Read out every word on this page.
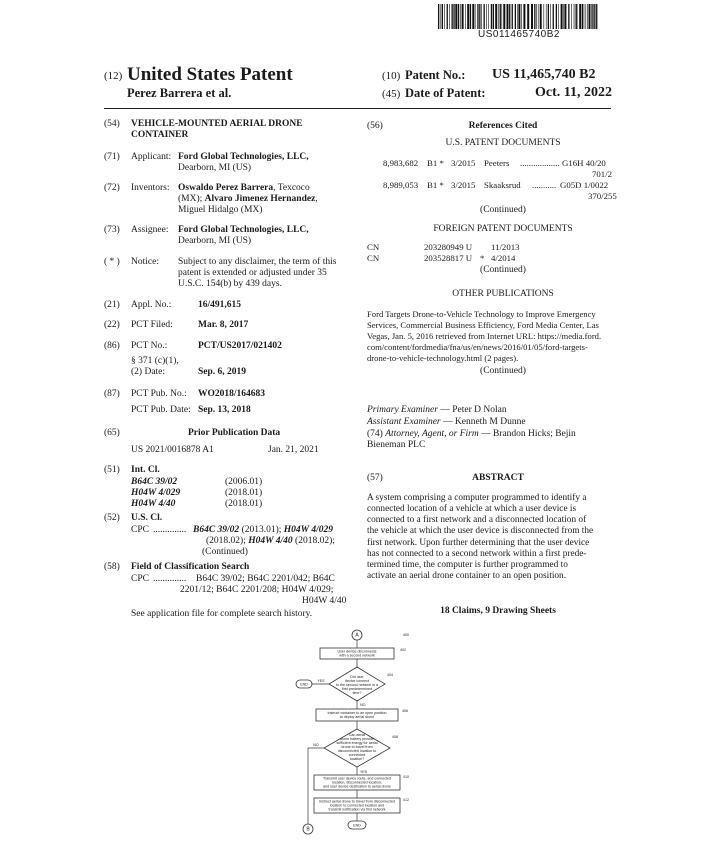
US011465740B2
(12) United States Patent
Perez Barrera et al.
(10) Patent No.: US 11,465,740 B2
(45) Date of Patent:	Oct. 11, 2022
(54) VEHICLE-MOUNTED AERIAL DRONE
CONTAINER
(71) Applicant: Ford Global Technologies, LLC,
Dearborn, MI (US)
(72) Inventors: Oswaldo Perez Barrera, Texcoco
(MX); Alvaro Jimenez Hernandez,
Miguel Hidalgo (MX)
(73) Assignee: Ford Global Technologies, LLC,
Dearborn, MI (US)
( * ) Notice: Subject to any disclaimer, the term of this
patent is extended or adjusted under 35
U.S.C. 154(b) by 439 days.
(21) Appl. No.:	16/491,615
(22) PCT Filed:	Mar. 8, 2017
(86) PCT No.:	PCT/US2017/021402
§ 371 (c)(1),
(2) Date:	Sep. 6, 2019
(87) PCT Pub. No.: WO2018/164683
PCT Pub. Date: Sep. 13, 2018
(65)	Prior Publication Data
US 2021/0016878 A1	Jan. 21, 2021
(51) Int. Cl.
B64C 39/02	(2006.01)
H04W 4/029	(2018.01)
H04W 4/40	(2018.01)
(52) U.S. Cl.
CPC .............. B64C 39/02 (2013.01); H04W 4/029
(2018.02); H04W 4/40 (2018.02);
(Continued)
(58) Field of Classification Search
CPC .............. B64C 39/02; B64C 2201/042; B64C
2201/12; B64C 2201/208; H04W 4/029;
H04W 4/40
See application file for complete search history.
(56)	References Cited
U.S. PATENT DOCUMENTS
8,983,682 B1 * 3/2015 Peeters .................. G16H 40/20
701/2
8,989,053 B1 * 3/2015 Skaaksrud ........... G05D 1/0022
370/255
(Continued)
FOREIGN PATENT DOCUMENTS
CN	203280949 U 11/2013
CN	203528817 U * 4/2014
(Continued)
OTHER PUBLICATIONS
Ford Targets Drone-to-Vehicle Technology to Improve Emergency
Services, Commercial Business Efficiency, Ford Media Center, Las
Vegas, Jan. 5, 2016 retrieved from Internet URL: https://media.ford.
com/content/fordmedia/fna/us/en/news/2016/01/05/ford-targets-
drone-to-vehicle-technology.html (2 pages).
(Continued)
Primary Examiner — Peter D Nolan
Assistant Examiner — Kenneth M Dunne
(74) Attorney, Agent, or Firm — Brandon Hicks; Bejin
Bieneman PLC
(57)	ABSTRACT
A system comprising a computer programmed to identify a
connected location of a vehicle at which a user device is
connected to a first network and a disconnected location of
the vehicle at which the user device is disconnected from the
first network. Upon further determining that the user device
has not connected to a second network within a first prede-
termined time, the computer is further programmed to
activate an aerial drone container to an open position.
18 Claims, 9 Drawing Sheets
A	400
User device disconnects
with a second network
402
Did user
device connect
to the second network in a
first predetermined
time?
404
YES
END
NO
Instruct container to an open position
to deploy aerial drone
406
Can aerial
drone battery provide
sufficient energy for aerial
drone to travel from
disconnected location to
connected
location?
408
NO
B
YES
Transmit user device route, and connected
location, disconnected location,
and user device destination to aerial drone
410
Instruct aerial drone to travel from disconnected
location to connected location and
transmit notification via first network
412
END
